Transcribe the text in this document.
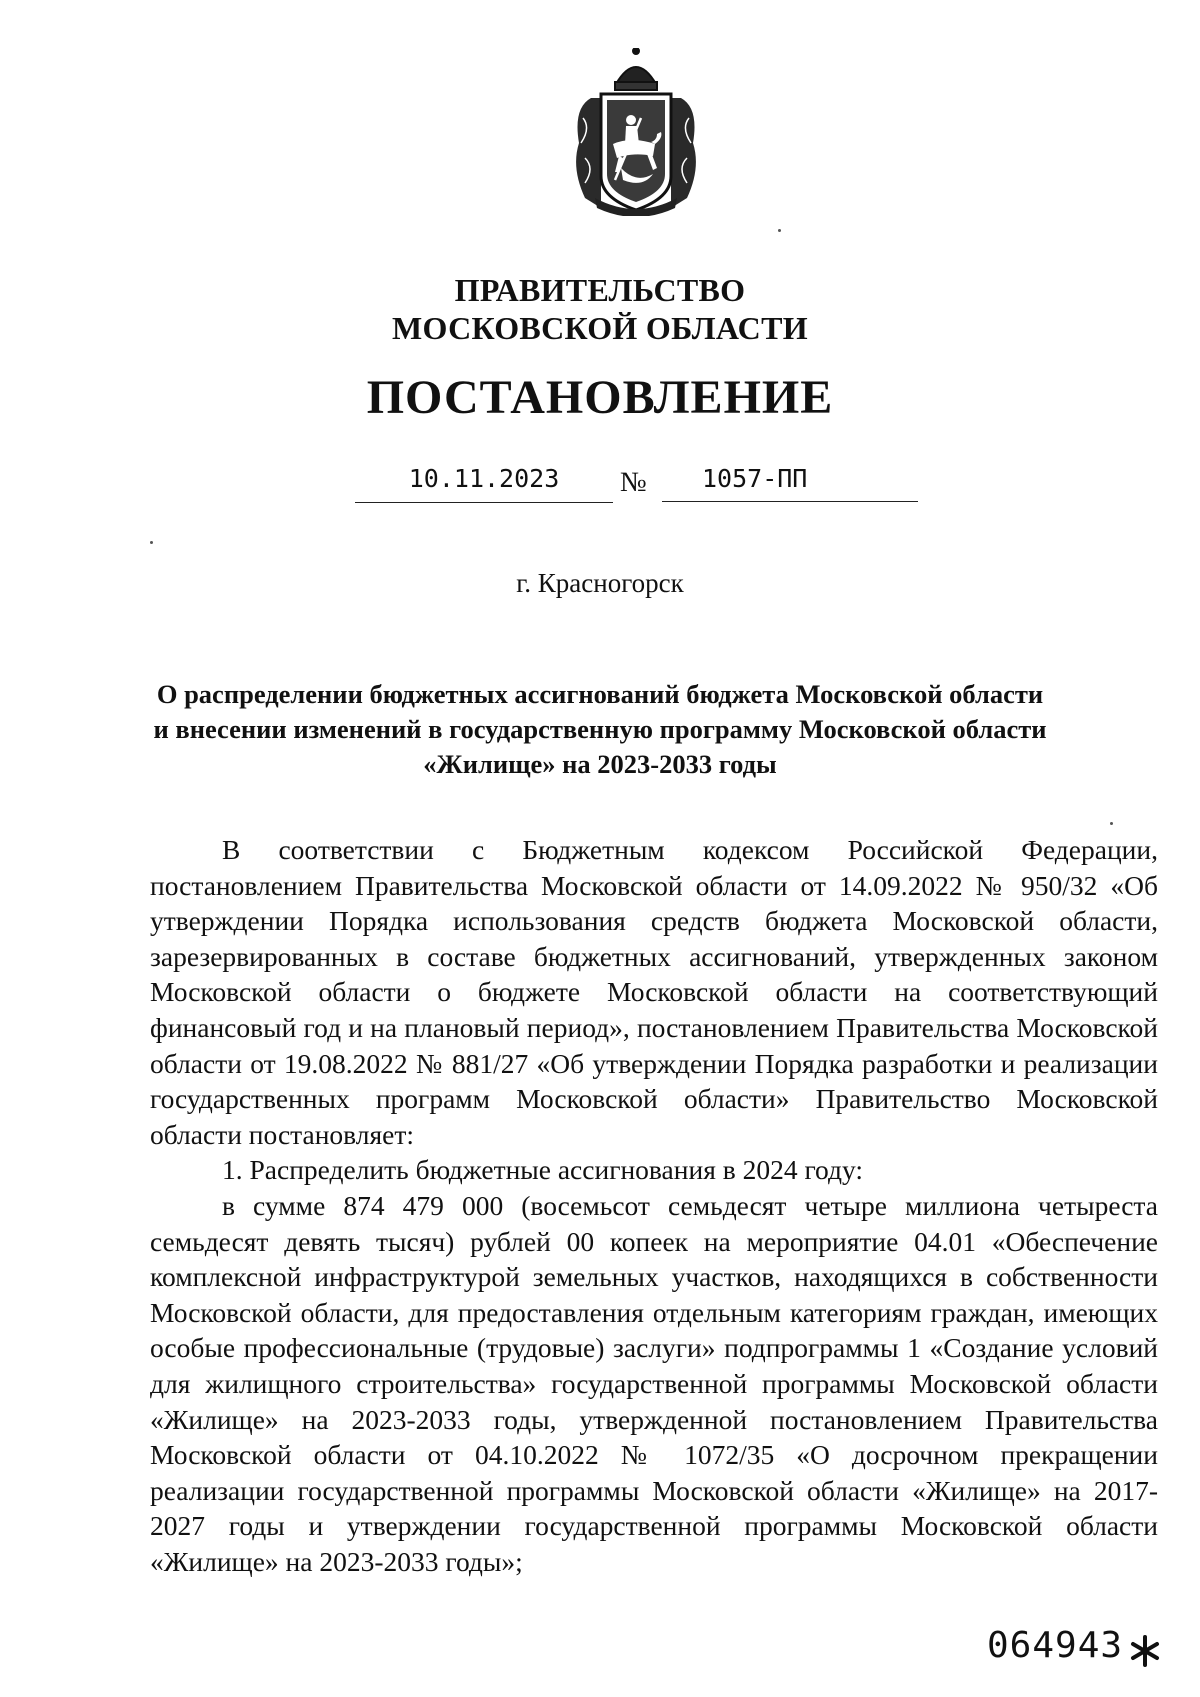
ПРАВИТЕЛЬСТВО
МОСКОВСКОЙ ОБЛАСТИ
ПОСТАНОВЛЕНИЕ
10.11.2023	№	1057-ПП
г. Красногорск
О распределении бюджетных ассигнований бюджета Московской области
и внесении изменений в государственную программу Московской области
«Жилище» на 2023-2033 годы

В соответствии с Бюджетным кодексом Российской Федерации, постановлением Правительства Московской области от 14.09.2022 № 950/32 «Об утверждении Порядка использования средств бюджета Московской области, зарезервированных в составе бюджетных ассигнований, утвержденных законом Московской области о бюджете Московской области на соответствующий финансовый год и на плановый период», постановлением Правительства Московской области от 19.08.2022 № 881/27 «Об утверждении Порядка разработки и реализации государственных программ Московской области» Правительство Московской области постановляет:

1. Распределить бюджетные ассигнования в 2024 году:

в сумме 874 479 000 (восемьсот семьдесят четыре миллиона четыреста семьдесят девять тысяч) рублей 00 копеек на мероприятие 04.01 «Обеспечение комплексной инфраструктурой земельных участков, находящихся в собственности Московской области, для предоставления отдельным категориям граждан, имеющих особые профессиональные (трудовые) заслуги» подпрограммы 1 «Создание условий для жилищного строительства» государственной программы Московской области «Жилище» на 2023-2033 годы, утвержденной постановлением Правительства Московской области от 04.10.2022 № 1072/35 «О досрочном прекращении реализации государственной программы Московской области «Жилище» на 2017-2027 годы и утверждении государственной программы Московской области «Жилище» на 2023-2033 годы»;

064943
